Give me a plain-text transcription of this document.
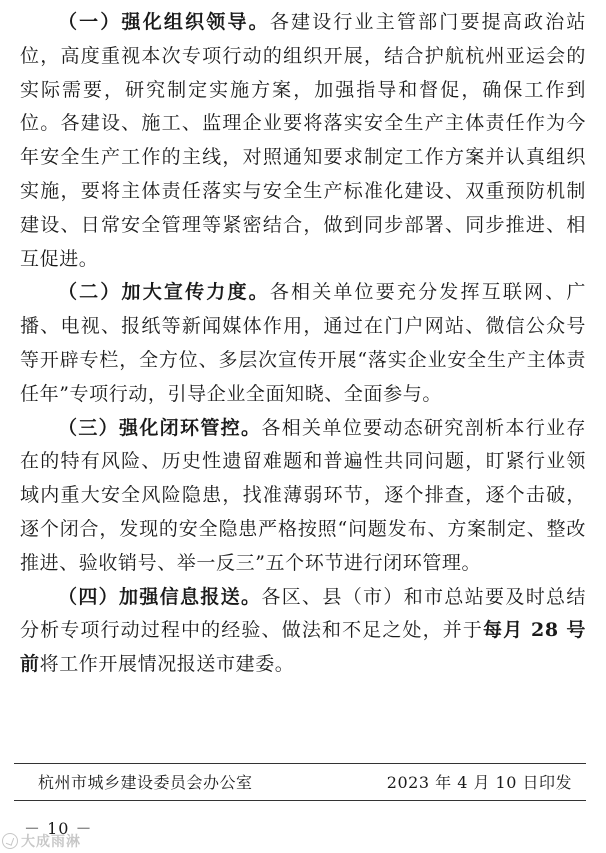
（一）强化组织领导。各建设行业主管部门要提高政治站位，高度重视本次专项行动的组织开展，结合护航杭州亚运会的实际需要，研究制定实施方案，加强指导和督促，确保工作到位。各建设、施工、监理企业要将落实安全生产主体责任作为今年安全生产工作的主线，对照通知要求制定工作方案并认真组织实施，要将主体责任落实与安全生产标准化建设、双重预防机制建设、日常安全管理等紧密结合，做到同步部署、同步推进、相互促进。

（二）加大宣传力度。各相关单位要充分发挥互联网、广播、电视、报纸等新闻媒体作用，通过在门户网站、微信公众号等开辟专栏，全方位、多层次宣传开展“落实企业安全生产主体责任年”专项行动，引导企业全面知晓、全面参与。

（三）强化闭环管控。各相关单位要动态研究剖析本行业存在的特有风险、历史性遗留难题和普遍性共同问题，盯紧行业领域内重大安全风险隐患，找准薄弱环节，逐个排查，逐个击破，逐个闭合，发现的安全隐患严格按照“问题发布、方案制定、整改推进、验收销号、举一反三”五个环节进行闭环管理。

（四）加强信息报送。各区、县（市）和市总站要及时总结分析专项行动过程中的经验、做法和不足之处，并于每月 28 号前将工作开展情况报送市建委。

杭州市城乡建设委员会办公室	2023 年 4 月 10 日印发
－ 10 －
大成雨淋
